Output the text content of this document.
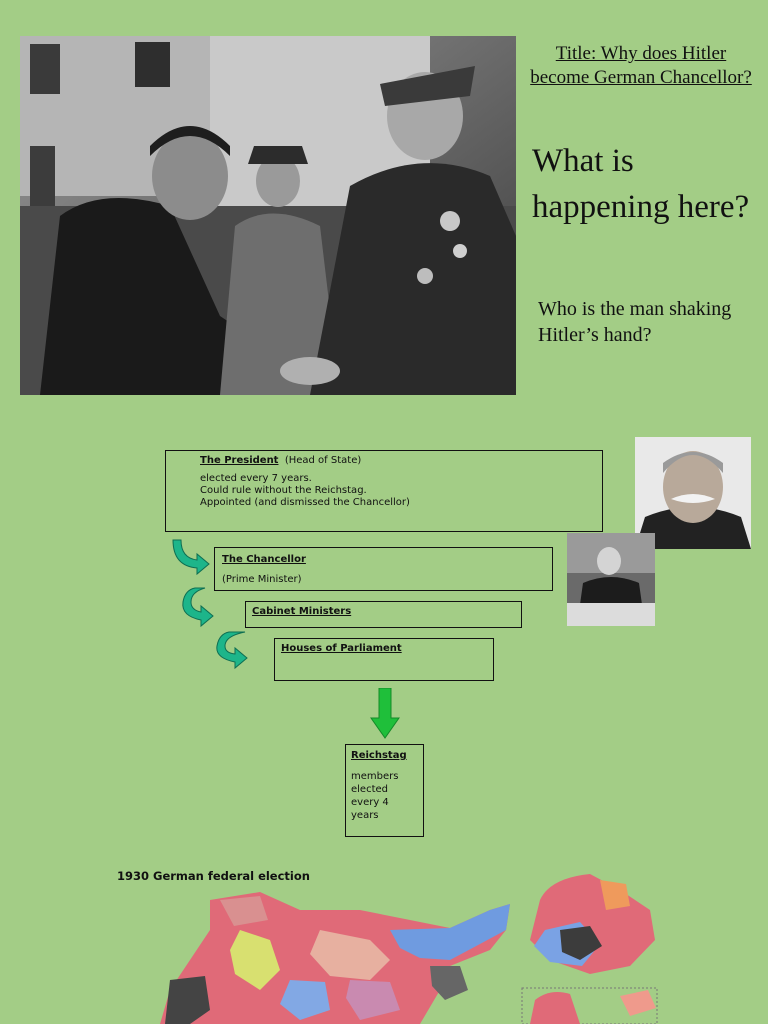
Title: Why does Hitler become German Chancellor?
What is happening here?
Who is the man shaking Hitler’s hand?
The President (Head of State)
elected every 7 years.
Could rule without the Reichstag.
Appointed (and dismissed the Chancellor)
The Chancellor
(Prime Minister)
Cabinet Ministers
Houses of Parliament
Reichstag
members
elected
every 4
years
1930 German federal election
